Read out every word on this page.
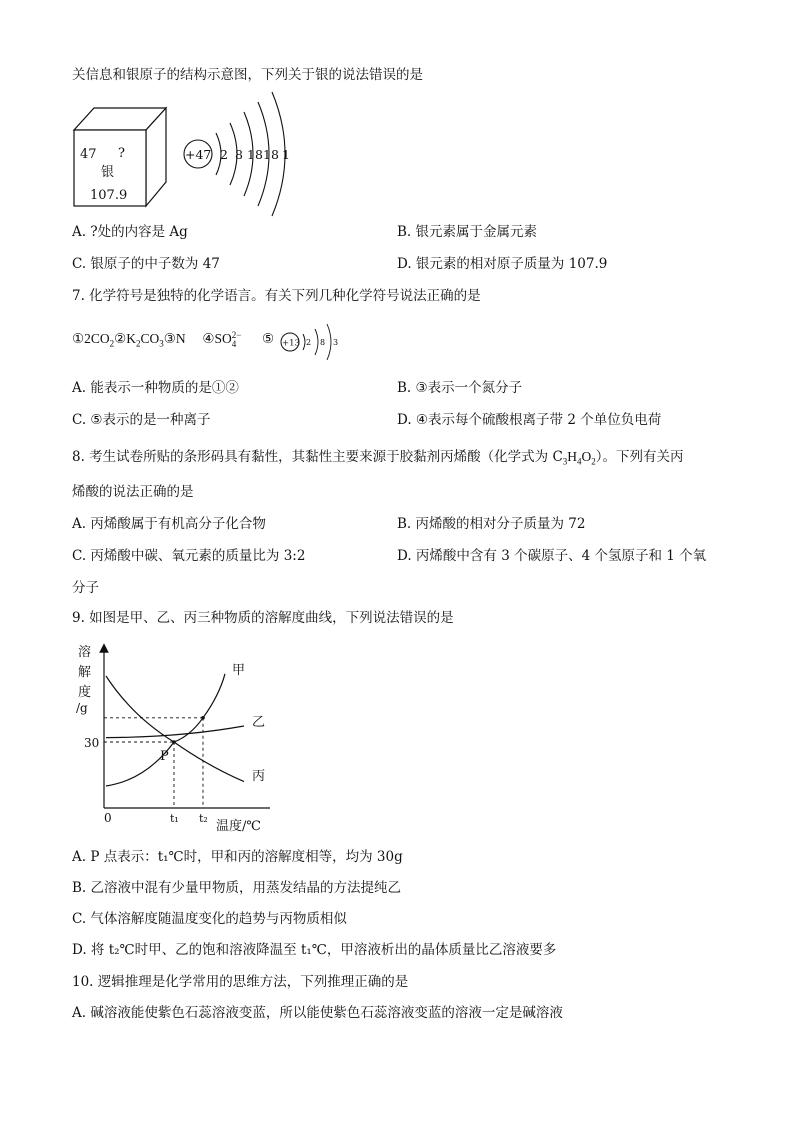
关信息和银原子的结构示意图，下列关于银的说法错误的是
47 ?
银
107.9
+47 2 8 18 18 1
A. ?处的内容是 Ag	B. 银元素属于金属元素
C. 银原子的中子数为 47	D. 银元素的相对原子质量为 107.9
7. 化学符号是独特的化学语言。有关下列几种化学符号说法正确的是
$①2CO_2②K_2CO_3③N$ ④SO 2−
4	⑤ +13 2 8 3
A. 能表示一种物质的是①②	B. ③表示一个氮分子
C. ⑤表示的是一种离子	D. ④表示每个硫酸根离子带 2 个单位负电荷
8. 考生试卷所贴的条形码具有黏性，其黏性主要来源于胶黏剂丙烯酸（化学式为 $C_3H_4O_2$）。下列有关丙
烯酸的说法正确的是
A. 丙烯酸属于有机高分子化合物	B. 丙烯酸的相对分子质量为 72
C. 丙烯酸中碳、氧元素的质量比为 3:2	D. 丙烯酸中含有 3 个碳原子、4 个氢原子和 1 个氧
分子
9. 如图是甲、乙、丙三种物质的溶解度曲线，下列说法错误的是
溶
解
度
/g
甲
乙
丙
P
30
0	t₁ t₂
温度/℃
A. P 点表示：t₁℃时，甲和丙的溶解度相等，均为 30g
B. 乙溶液中混有少量甲物质，用蒸发结晶的方法提纯乙
C. 气体溶解度随温度变化的趋势与丙物质相似
D. 将 t₂℃时甲、乙的饱和溶液降温至 t₁℃，甲溶液析出的晶体质量比乙溶液要多
10. 逻辑推理是化学常用的思维方法，下列推理正确的是
A. 碱溶液能使紫色石蕊溶液变蓝，所以能使紫色石蕊溶液变蓝的溶液一定是碱溶液
